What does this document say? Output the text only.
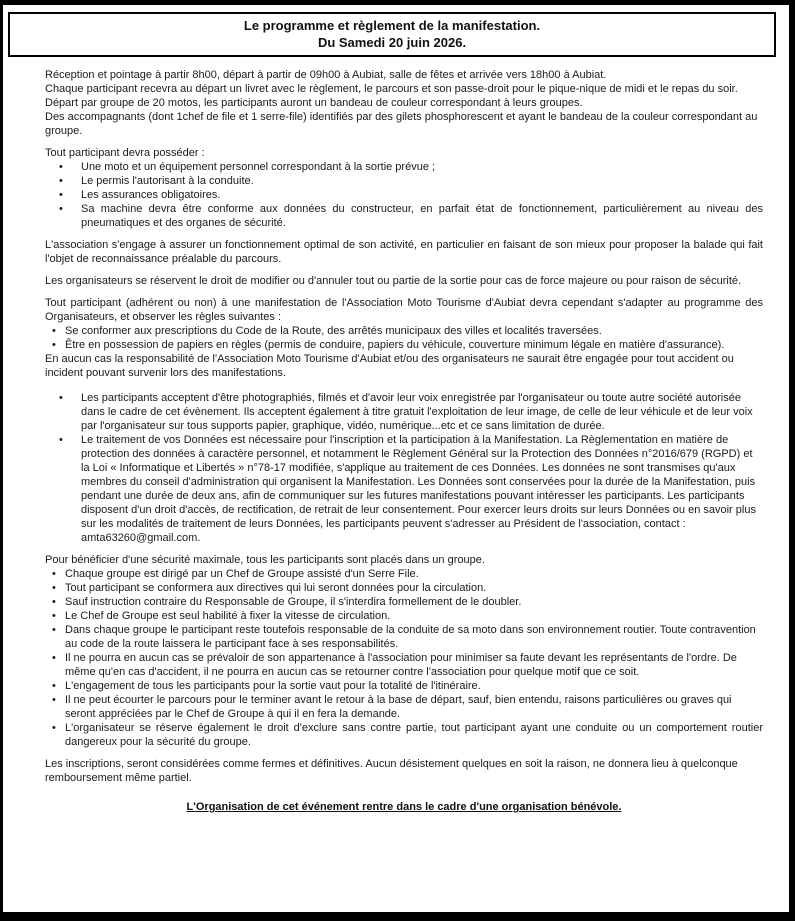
Le programme et règlement de la manifestation.
Du Samedi 20 juin 2026.

Réception et pointage à partir 8h00, départ à partir de 09h00 à Aubiat, salle de fêtes et arrivée vers 18h00 à Aubiat.
Chaque participant recevra au départ un livret avec le règlement, le parcours et son passe-droit pour le pique-nique de midi et le repas du soir.
Départ par groupe de 20 motos, les participants auront un bandeau de couleur correspondant à leurs groupes.
Des accompagnants (dont 1chef de file et 1 serre-file) identifiés par des gilets phosphorescent et ayant le bandeau de la couleur correspondant au groupe.

Tout participant devra posséder :

• Une moto et un équipement personnel correspondant à la sortie prévue ;
• Le permis l'autorisant à la conduite.
• Les assurances obligatoires.
• Sa machine devra être conforme aux données du constructeur, en parfait état de fonctionnement, particulièrement au niveau des pneumatiques et des organes de sécurité.

L'association s'engage à assurer un fonctionnement optimal de son activité, en particulier en faisant de son mieux pour proposer la balade qui fait l'objet de reconnaissance préalable du parcours.

Les organisateurs se réservent le droit de modifier ou d'annuler tout ou partie de la sortie pour cas de force majeure ou pour raison de sécurité.

Tout participant (adhérent ou non) à une manifestation de l'Association Moto Tourisme d'Aubiat devra cependant s'adapter au programme des Organisateurs, et observer les règles suivantes :

• Se conformer aux prescriptions du Code de la Route, des arrêtés municipaux des villes et localités traversées.
• Être en possession de papiers en règles (permis de conduire, papiers du véhicule, couverture minimum légale en matière d'assurance).

En aucun cas la responsabilité de l'Association Moto Tourisme d'Aubiat et/ou des organisateurs ne saurait être engagée pour tout accident ou incident pouvant survenir lors des manifestations.

• Les participants acceptent d'être photographiés, filmés et d'avoir leur voix enregistrée par l'organisateur ou toute autre société autorisée dans le cadre de cet évènement. Ils acceptent également à titre gratuit l'exploitation de leur image, de celle de leur véhicule et de leur voix par l'organisateur sur tous supports papier, graphique, vidéo, numérique...etc et ce sans limitation de durée.
• Le traitement de vos Données est nécessaire pour l'inscription et la participation à la Manifestation. La Règlementation en matière de protection des données à caractère personnel, et notamment le Règlement Général sur la Protection des Données n°2016/679 (RGPD) et la Loi « Informatique et Libertés » n°78-17 modifiée, s'applique au traitement de ces Données. Les données ne sont transmises qu'aux membres du conseil d'administration qui organisent la Manifestation. Les Données sont conservées pour la durée de la Manifestation, puis pendant une durée de deux ans, afin de communiquer sur les futures manifestations pouvant intéresser les participants. Les participants disposent d'un droit d'accès, de rectification, de retrait de leur consentement. Pour exercer leurs droits sur leurs Données ou en savoir plus sur les modalités de traitement de leurs Données, les participants peuvent s'adresser au Président de l'association, contact : amta63260@gmail.com.

Pour bénéficier d'une sécurité maximale, tous les participants sont placés dans un groupe.

• Chaque groupe est dirigé par un Chef de Groupe assisté d'un Serre File.
• Tout participant se conformera aux directives qui lui seront données pour la circulation.
• Sauf instruction contraire du Responsable de Groupe, il s'interdira formellement de le doubler.
• Le Chef de Groupe est seul habilité à fixer la vitesse de circulation.
• Dans chaque groupe le participant reste toutefois responsable de la conduite de sa moto dans son environnement routier. Toute contravention au code de la route laissera le participant face à ses responsabilités.
• Il ne pourra en aucun cas se prévaloir de son appartenance à l'association pour minimiser sa faute devant les représentants de l'ordre. De même qu'en cas d'accident, il ne pourra en aucun cas se retourner contre l'association pour quelque motif que ce soit.
• L'engagement de tous les participants pour la sortie vaut pour la totalité de l'itinéraire.
• Il ne peut écourter le parcours pour le terminer avant le retour à la base de départ, sauf, bien entendu, raisons particulières ou graves qui seront appréciées par le Chef de Groupe à qui il en fera la demande.
• L'organisateur se réserve également le droit d'exclure sans contre partie, tout participant ayant une conduite ou un comportement routier dangereux pour la sécurité du groupe.

Les inscriptions, seront considérées comme fermes et définitives. Aucun désistement quelques en soit la raison, ne donnera lieu à quelconque remboursement même partiel.

L'Organisation de cet événement rentre dans le cadre d'une organisation bénévole.
